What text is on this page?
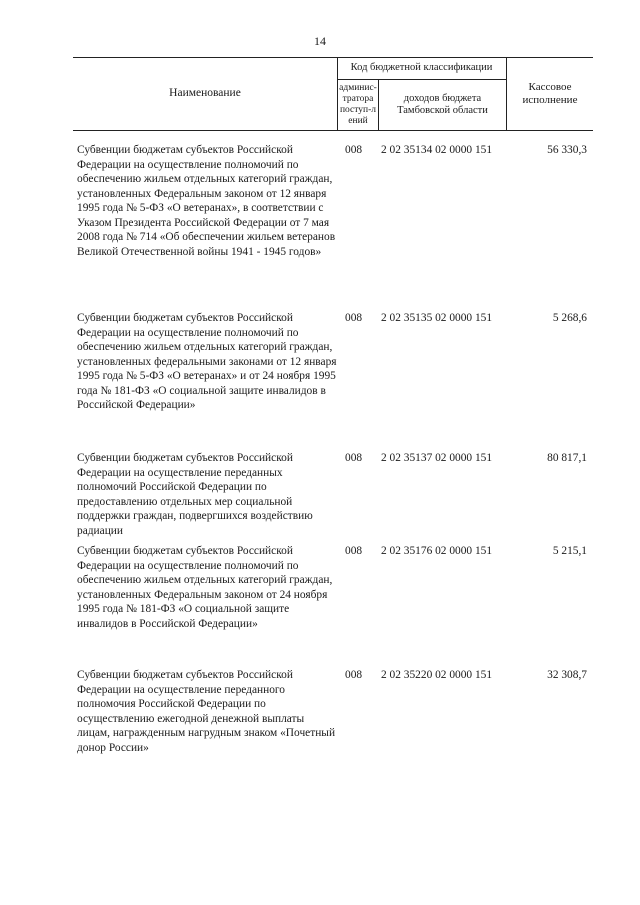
14
Наименование
Код бюджетной классификации
админис-тратора поступ-лений
доходов бюджета Тамбовской области
Кассовое исполнение
Субвенции бюджетам субъектов Российской Федерации на осуществление полномочий по обеспечению жильем отдельных категорий граждан, установленных Федеральным законом от 12 января 1995 года № 5-ФЗ «О ветеранах», в соответствии с Указом Президента Российской Федерации от 7 мая 2008 года № 714 «Об обеспечении жильем ветеранов Великой Отечественной войны 1941 - 1945 годов»
008	2 02 35134 02 0000 151	56 330,3
Субвенции бюджетам субъектов Российской Федерации на осуществление полномочий по обеспечению жильем отдельных категорий граждан, установленных федеральными законами от 12 января 1995 года № 5-ФЗ «О ветеранах» и от 24 ноября 1995 года № 181-ФЗ «О социальной защите инвалидов в Российской Федерации»
008	2 02 35135 02 0000 151	5 268,6
Субвенции бюджетам субъектов Российской Федерации на осуществление переданных полномочий Российской Федерации по предоставлению отдельных мер социальной поддержки граждан, подвергшихся воздействию радиации
008	2 02 35137 02 0000 151	80 817,1
Субвенции бюджетам субъектов Российской Федерации на осуществление полномочий по обеспечению жильем отдельных категорий граждан, установленных Федеральным законом от 24 ноября 1995 года № 181-ФЗ «О социальной защите инвалидов в Российской Федерации»
008	2 02 35176 02 0000 151	5 215,1
Субвенции бюджетам субъектов Российской Федерации на осуществление переданного полномочия Российской Федерации по осуществлению ежегодной денежной выплаты лицам, награжденным нагрудным знаком «Почетный донор России»
008	2 02 35220 02 0000 151	32 308,7
